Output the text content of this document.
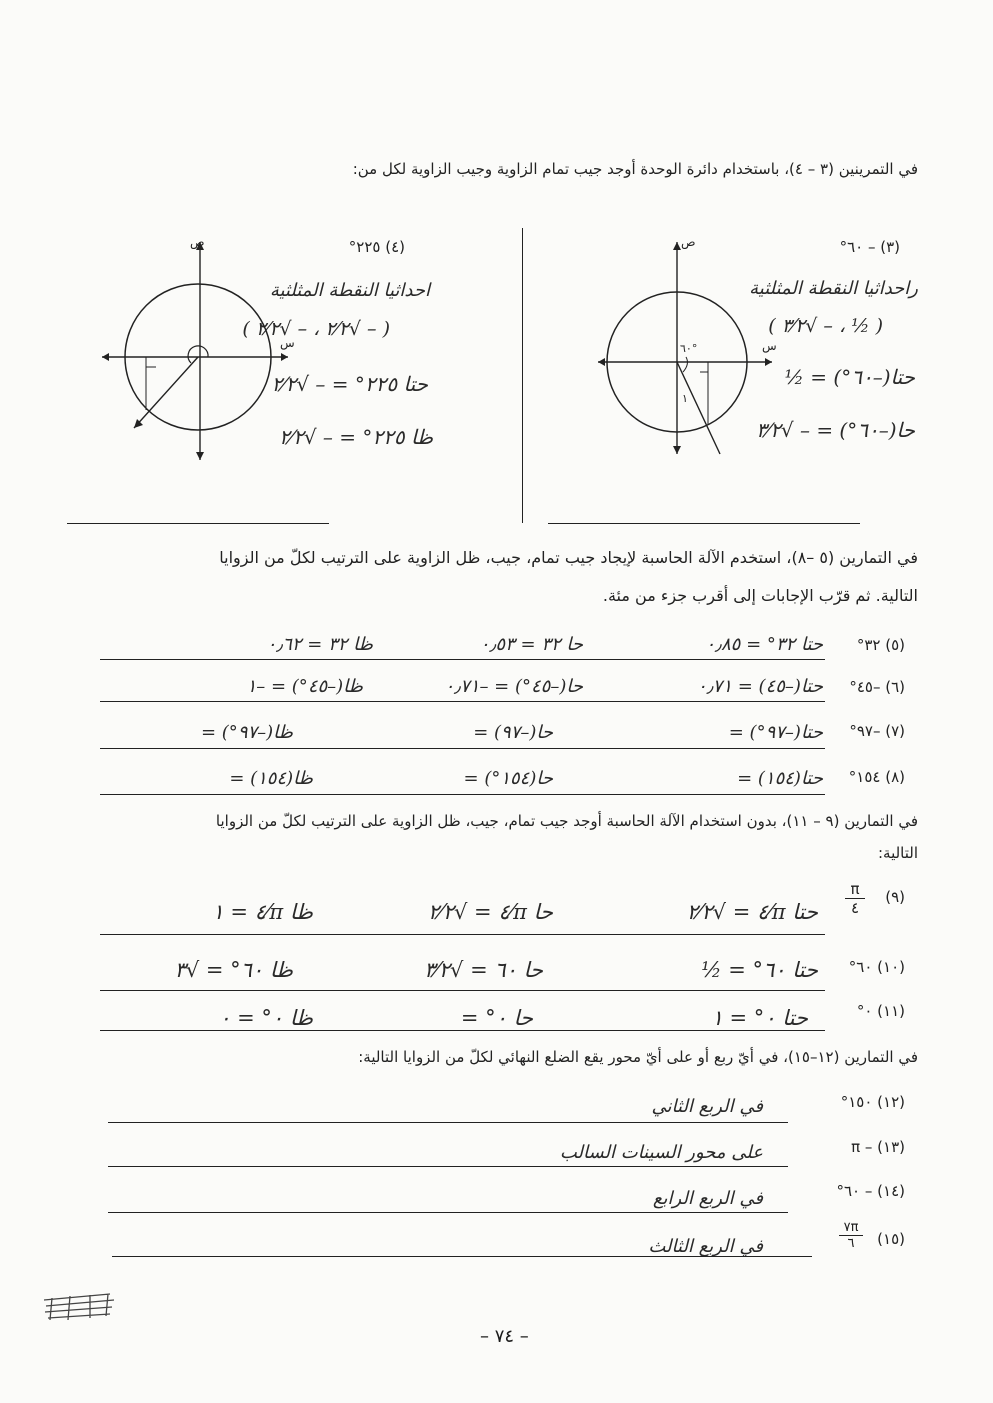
في التمرينين (٣ – ٤)، باستخدام دائرة الوحدة أوجد جيب تمام الزاوية وجيب الزاوية لكل من:
(٣) – ٦٠°
راحداثيا النقطة المثلثية
( ½ ، – √٣⁄٢ )
حتا(–٦٠°) = ½
حا(–٦٠°) = – √٣⁄٢
٦٠°
١
ص
س
(٤) ٢٢٥°
احداثيا النقطة المثلثية
( – √٢⁄٢ ، – √٢⁄٢ )
حتا ٢٢٥° = – √٢⁄٢
ظا ٢٢٥° = – √٢⁄٢
ص
س
في التمارين (٥ –٨)، استخدم الآلة الحاسبة لإيجاد جيب تمام، جيب، ظل الزاوية على الترتيب لكلّ من الزوايا
التالية. ثم قرّب الإجابات إلى أقرب جزء من مئة.
(٥) ٣٢°
حتا ٣٢° = ٠٫٨٥
حا ٣٢ = ٠٫٥٣
ظا ٣٢ = ٠٫٦٢
(٦) –٤٥°
حتا(–٤٥) = ٠٫٧١
حا(–٤٥°) = –٠٫٧١
ظا(–٤٥°) = –١
(٧) –٩٧°
حتا(–٩٧°) =
حا(–٩٧) =
ظا(–٩٧°) =
(٨) ١٥٤°
حتا(١٥٤) =
حا(١٥٤°) =
ظا(١٥٤) =
في التمارين (٩ – ١١)، بدون استخدام الآلة الحاسبة أوجد جيب تمام، جيب، ظل الزاوية على الترتيب لكلّ من الزوايا
التالية:
(٩)
π
٤
حتا π⁄٤ = √٢⁄٢
حا π⁄٤ = √٢⁄٢
ظا π⁄٤ = ١
(١٠) ٦٠°
حتا ٦٠° = ½
حا ٦٠ = √٣⁄٢
ظا ٦٠° = √٣
(١١) ٠°
حتا ٠° = ١
حا ٠° =
ظا ٠° = ٠
في التمارين (١٢–١٥)، في أيّ ربع أو على أيّ محور يقع الضلع النهائي لكلّ من الزوايا التالية:
(١٢) ١٥٠°
في الربع الثاني
(١٣) – π
على محور السينات السالب
(١٤) – ٦٠°
في الربع الرابع
(١٥)
٧π
٦
في الربع الثالث
– ٧٤ –
